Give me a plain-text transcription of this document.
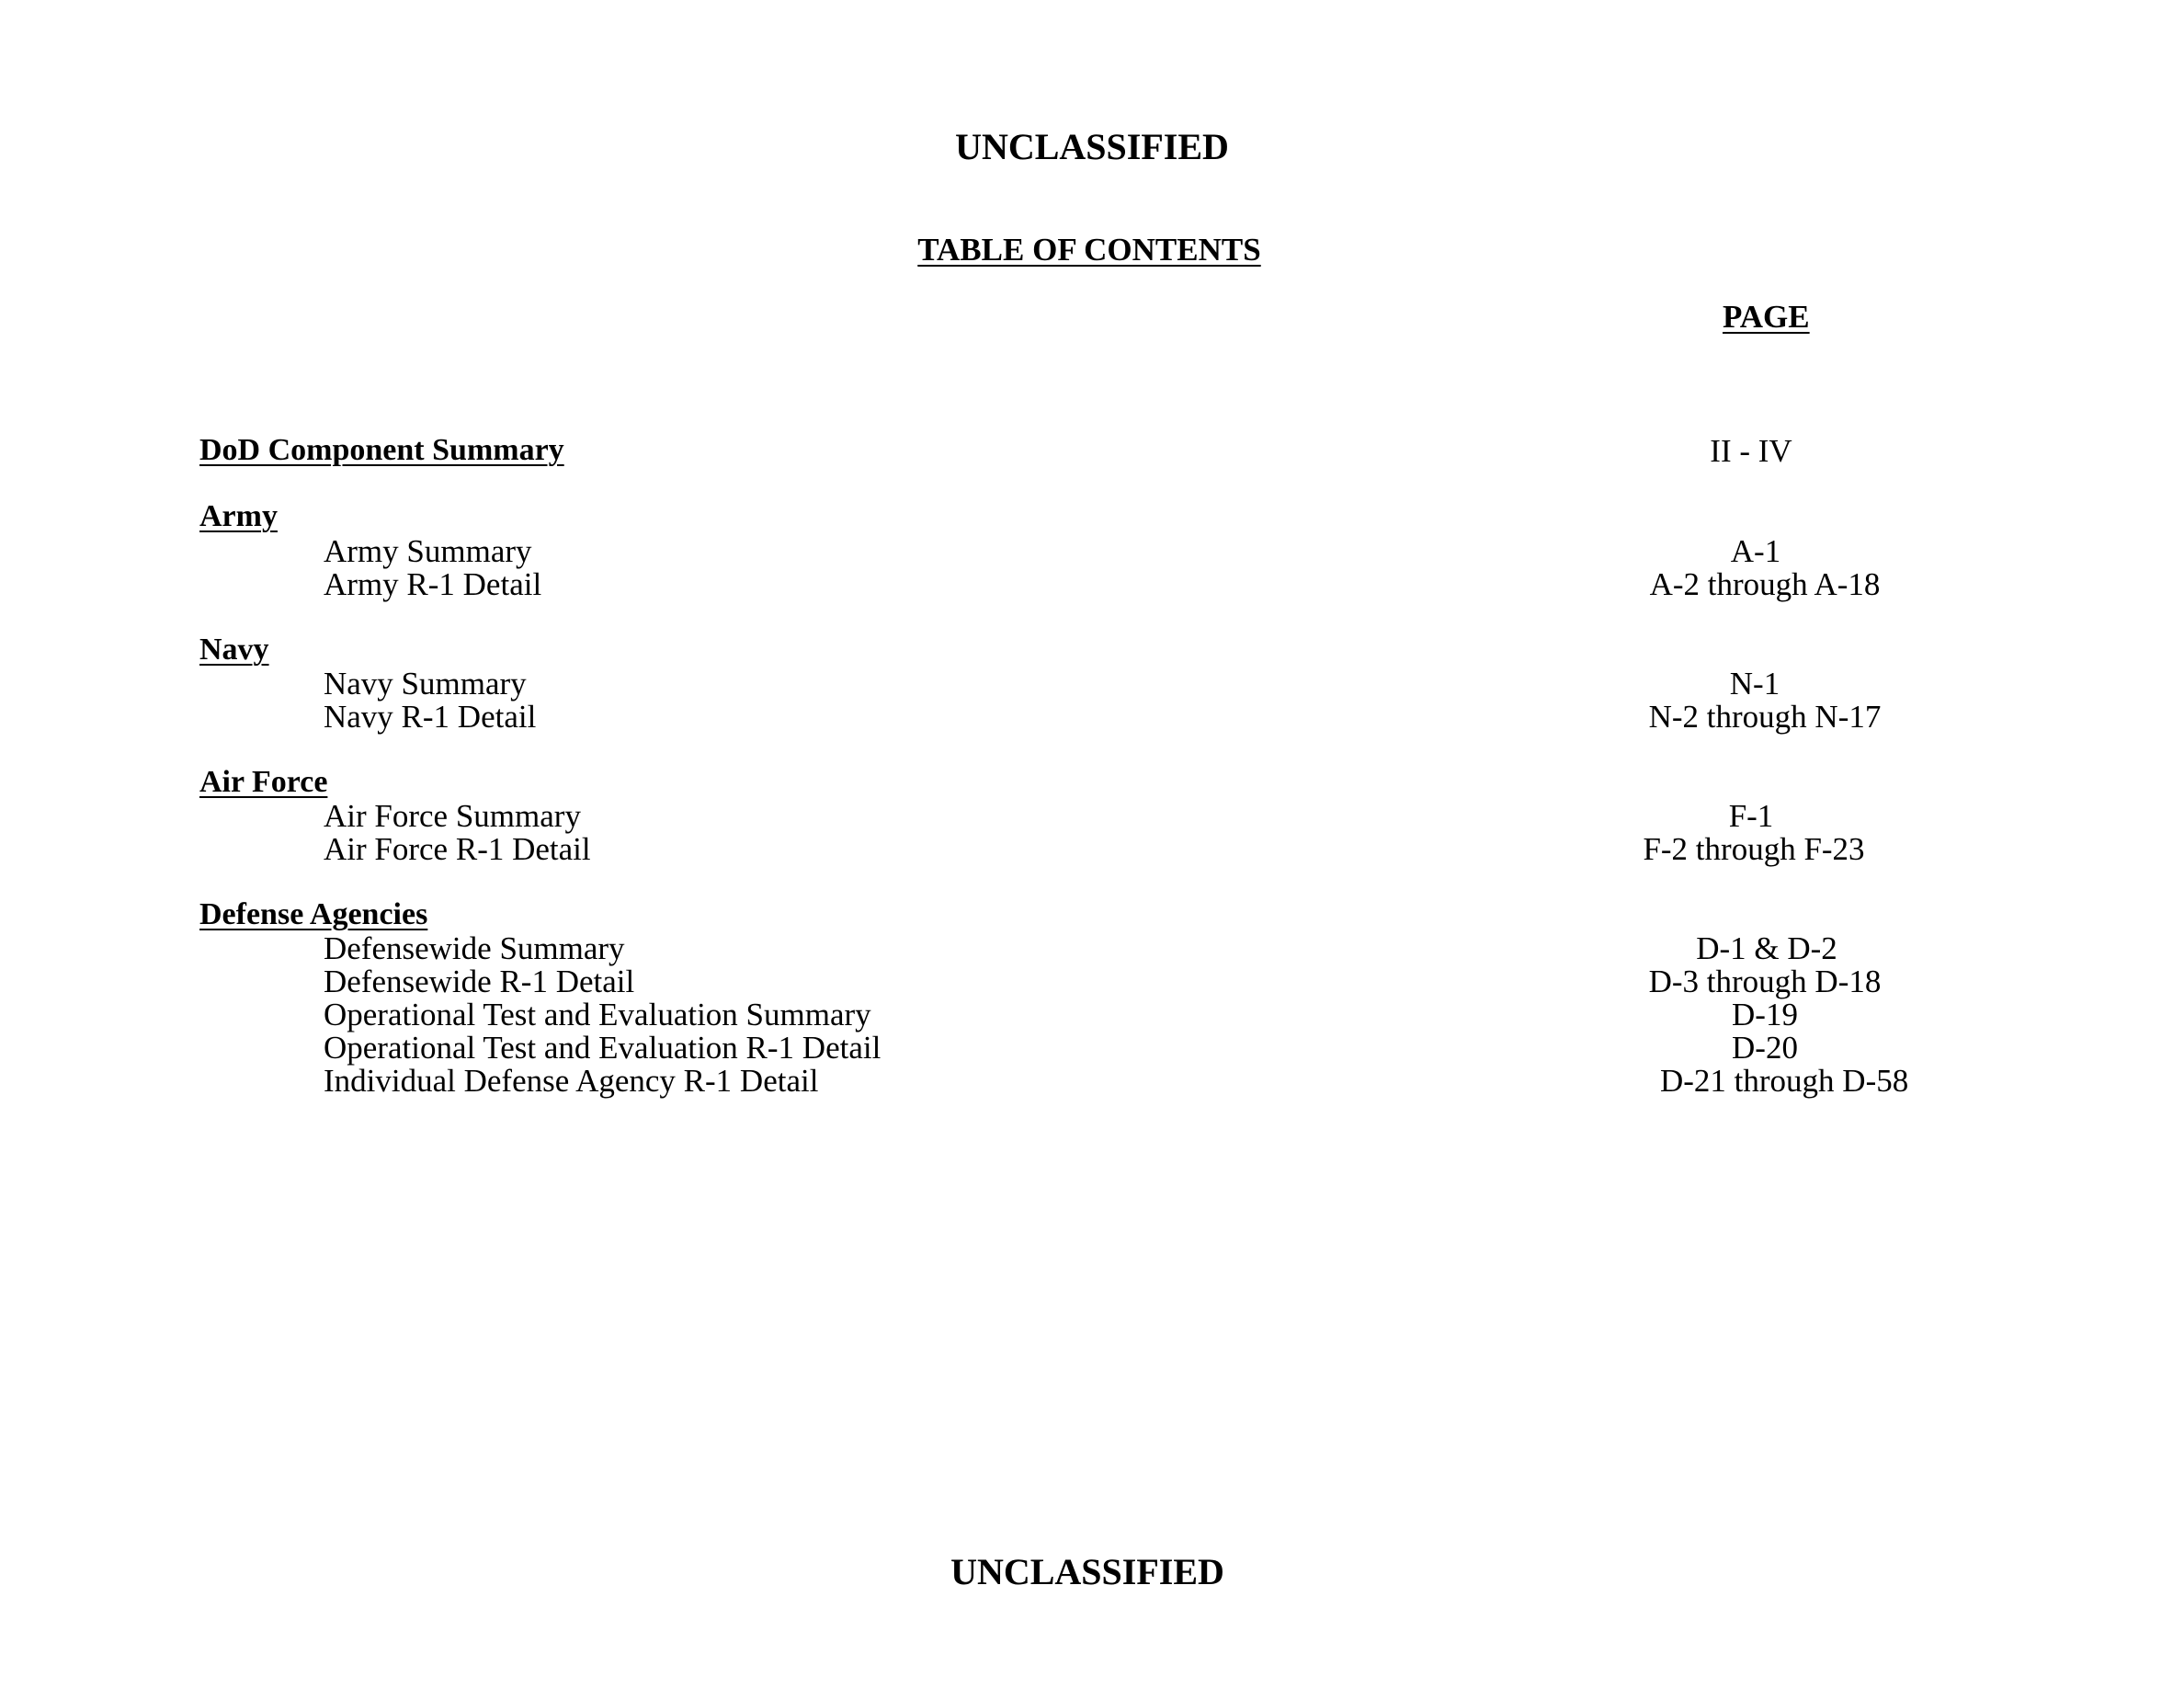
UNCLASSIFIED
TABLE OF CONTENTS
PAGE
DoD Component Summary	II - IV
Army
Army Summary	A-1
Army R-1 Detail	A-2 through A-18
Navy
Navy Summary	N-1
Navy R-1 Detail	N-2 through N-17
Air Force
Air Force Summary	F-1
Air Force R-1 Detail	F-2 through F-23
Defense Agencies
Defensewide Summary	D-1 & D-2
Defensewide R-1 Detail	D-3 through D-18
Operational Test and Evaluation Summary	D-19
Operational Test and Evaluation R-1 Detail	D-20
Individual Defense Agency R-1 Detail	D-21 through D-58
UNCLASSIFIED
